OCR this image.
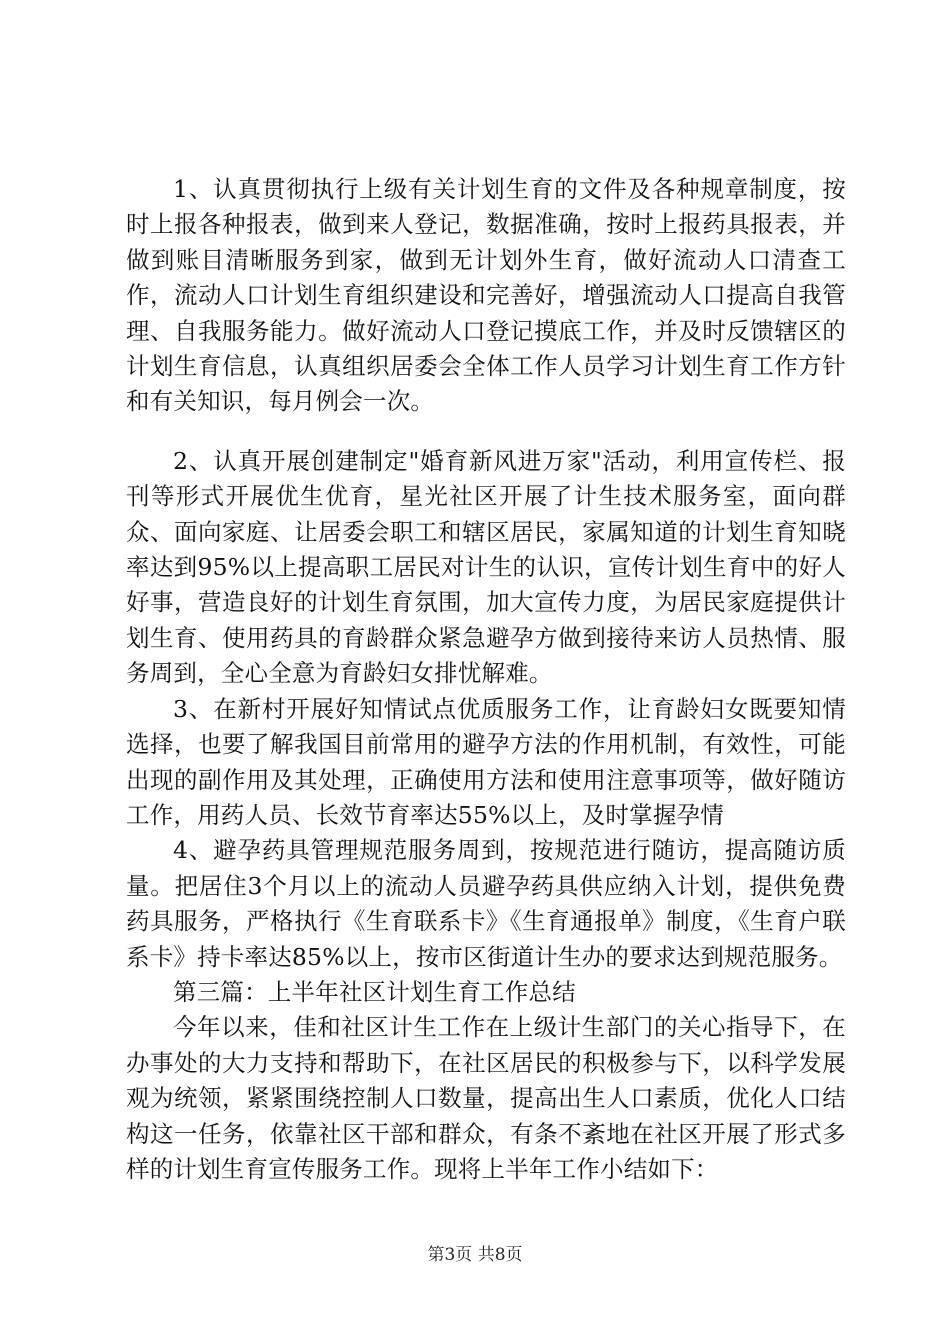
1、认真贯彻执行上级有关计划生育的文件及各种规章制度，按时上报各种报表，做到来人登记，数据准确，按时上报药具报表，并做到账目清晰服务到家，做到无计划外生育，做好流动人口清查工作，流动人口计划生育组织建设和完善好，增强流动人口提高自我管理、自我服务能力。做好流动人口登记摸底工作，并及时反馈辖区的计划生育信息，认真组织居委会全体工作人员学习计划生育工作方针和有关知识，每月例会一次。

2、认真开展创建制定"婚育新风进万家"活动，利用宣传栏、报刊等形式开展优生优育，星光社区开展了计生技术服务室，面向群众、面向家庭、让居委会职工和辖区居民，家属知道的计划生育知晓率达到95%以上提高职工居民对计生的认识，宣传计划生育中的好人好事，营造良好的计划生育氛围，加大宣传力度，为居民家庭提供计划生育、使用药具的育龄群众紧急避孕方做到接待来访人员热情、服务周到，全心全意为育龄妇女排忧解难。

3、在新村开展好知情试点优质服务工作，让育龄妇女既要知情选择，也要了解我国目前常用的避孕方法的作用机制，有效性，可能出现的副作用及其处理，正确使用方法和使用注意事项等，做好随访工作，用药人员、长效节育率达55%以上，及时掌握孕情

4、避孕药具管理规范服务周到，按规范进行随访，提高随访质量。把居住3个月以上的流动人员避孕药具供应纳入计划，提供免费药具服务，严格执行《生育联系卡》《生育通报单》制度，《生育户联系卡》持卡率达85%以上，按市区街道计生办的要求达到规范服务。

第三篇：上半年社区计划生育工作总结

今年以来，佳和社区计生工作在上级计生部门的关心指导下，在办事处的大力支持和帮助下，在社区居民的积极参与下，以科学发展观为统领，紧紧围绕控制人口数量，提高出生人口素质，优化人口结构这一任务，依靠社区干部和群众，有条不紊地在社区开展了形式多样的计划生育宣传服务工作。现将上半年工作小结如下：

第3页 共8页
